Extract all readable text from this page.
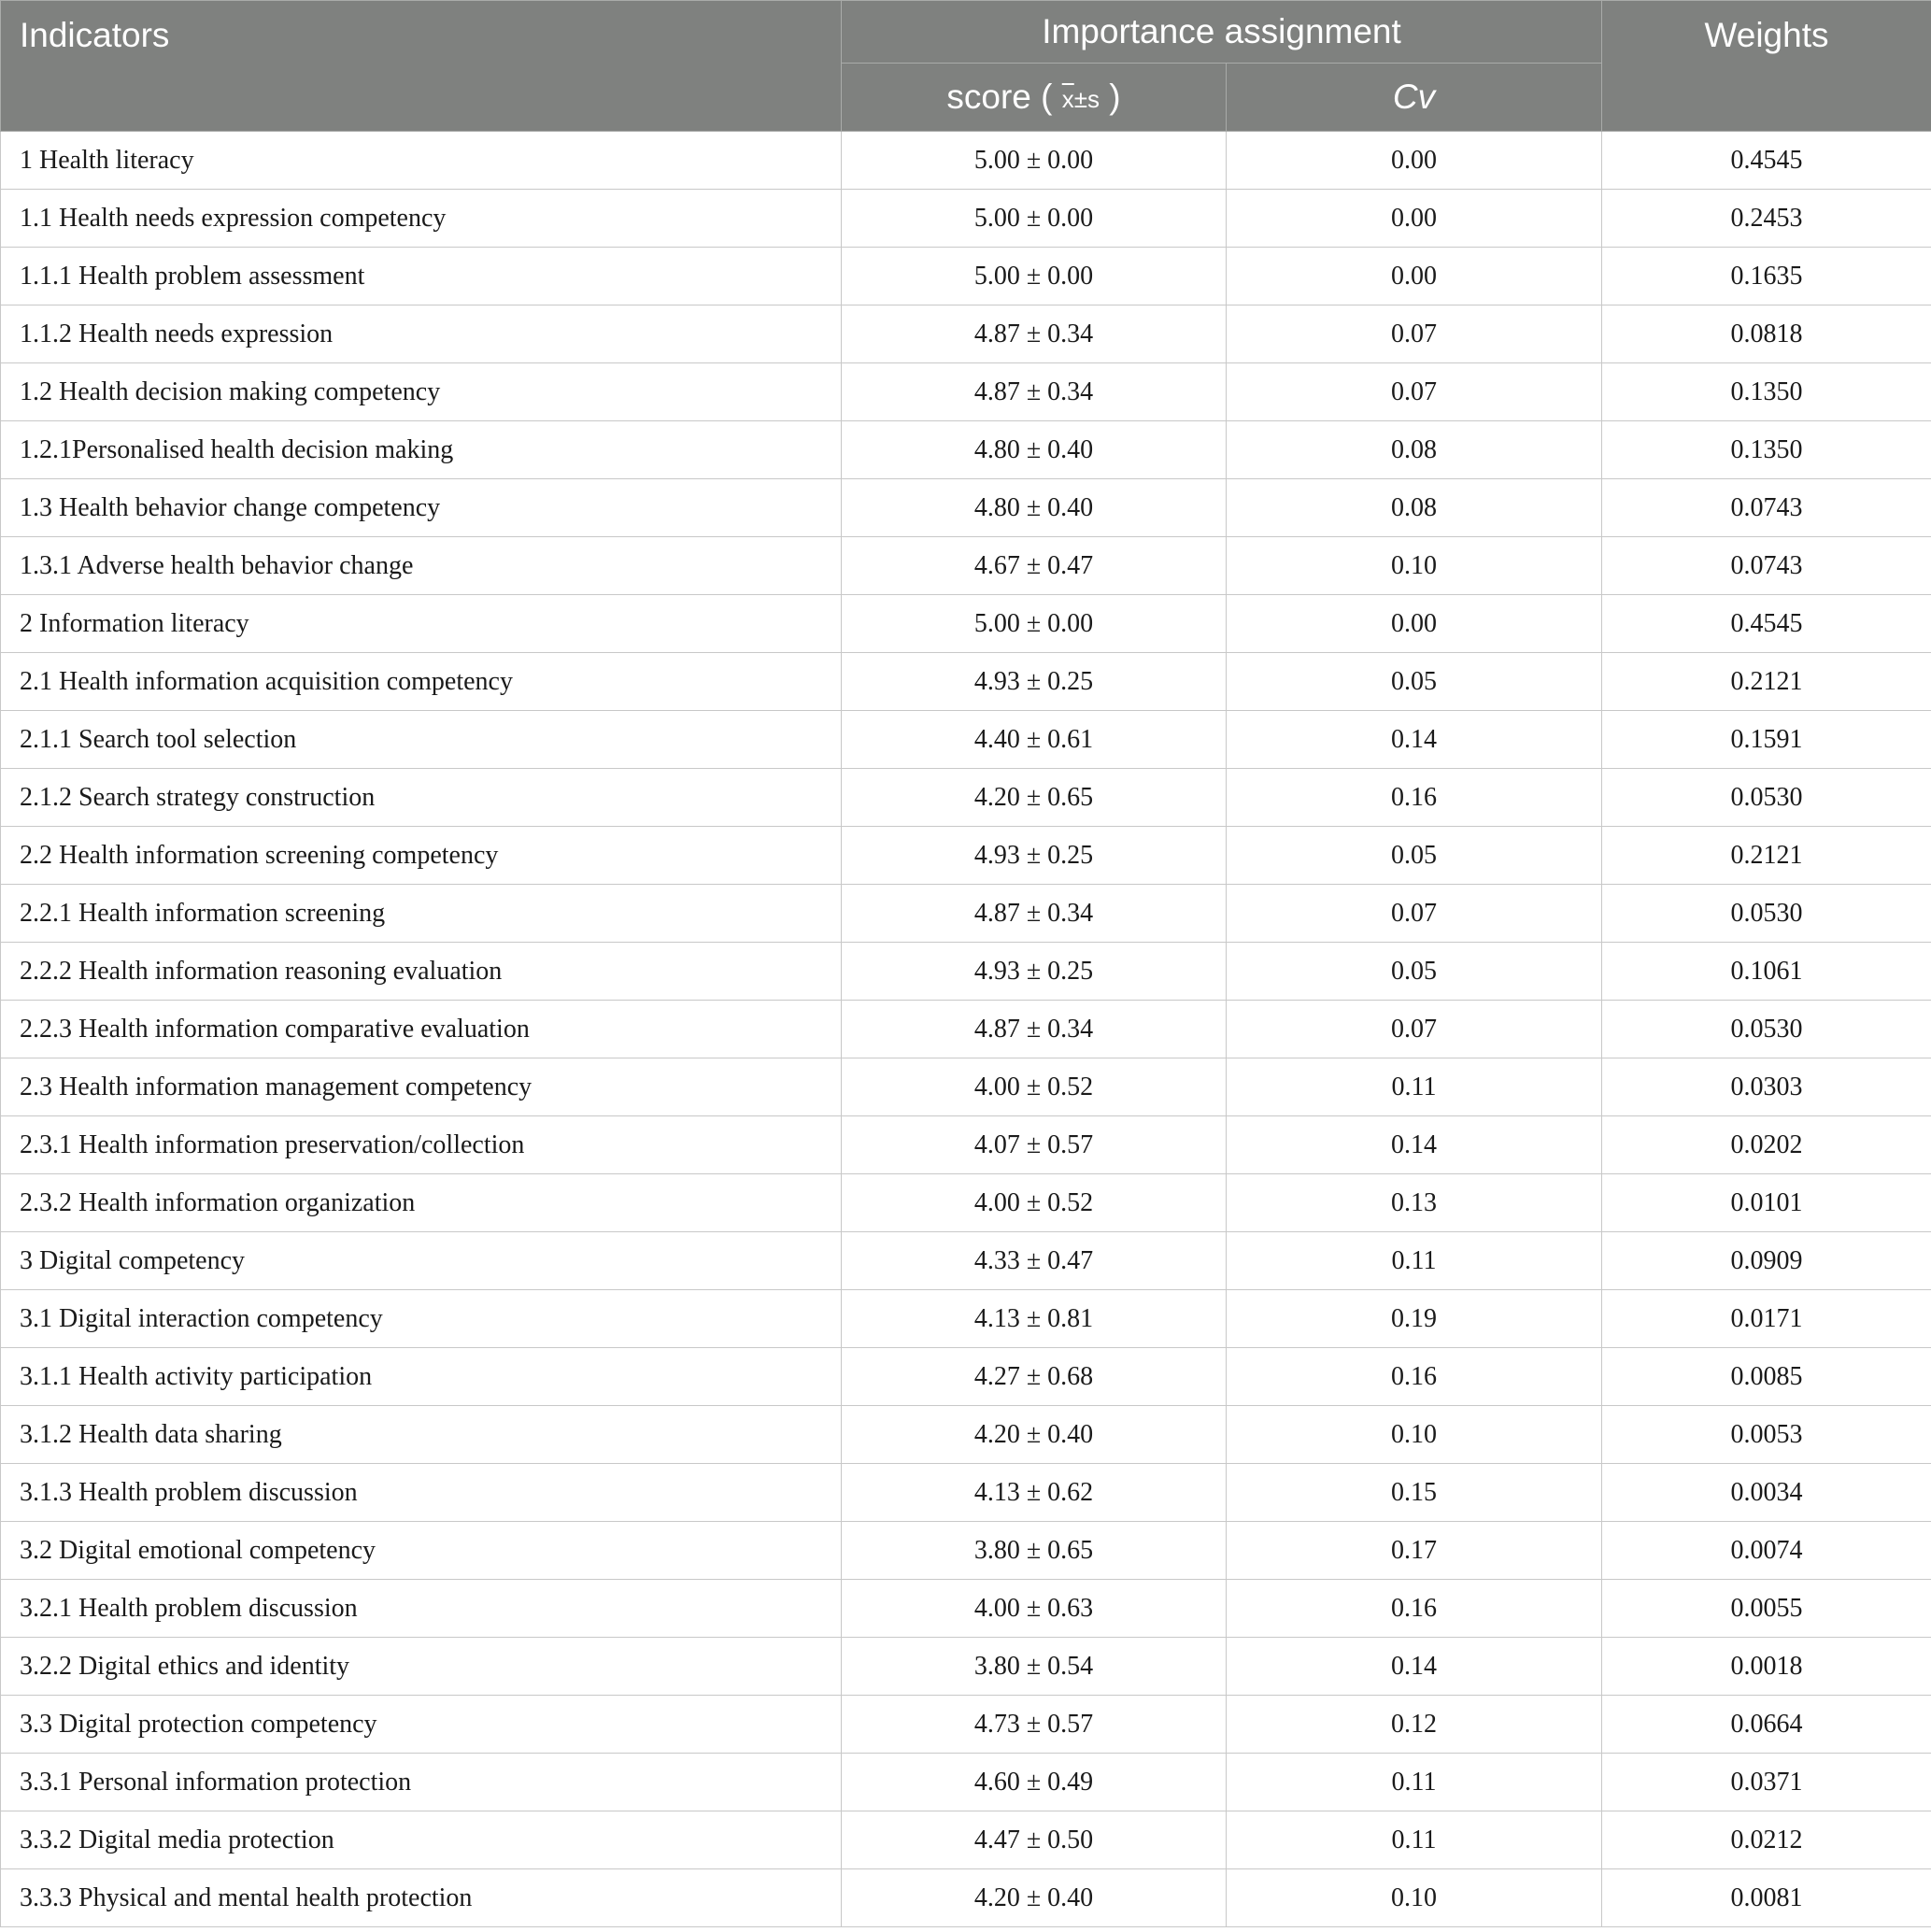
Indicators	Importance assignment		Weights
	score ( $\overline{x}\pm s$ )	Cv	
1 Health literacy	5.00 ± 0.00	0.00	0.4545
1.1 Health needs expression competency	5.00 ± 0.00	0.00	0.2453
1.1.1 Health problem assessment	5.00 ± 0.00	0.00	0.1635
1.1.2 Health needs expression	4.87 ± 0.34	0.07	0.0818
1.2 Health decision making competency	4.87 ± 0.34	0.07	0.1350
1.2.1Personalised health decision making	4.80 ± 0.40	0.08	0.1350
1.3 Health behavior change competency	4.80 ± 0.40	0.08	0.0743
1.3.1 Adverse health behavior change	4.67 ± 0.47	0.10	0.0743
2 Information literacy	5.00 ± 0.00	0.00	0.4545
2.1 Health information acquisition competency	4.93 ± 0.25	0.05	0.2121
2.1.1 Search tool selection	4.40 ± 0.61	0.14	0.1591
2.1.2 Search strategy construction	4.20 ± 0.65	0.16	0.0530
2.2 Health information screening competency	4.93 ± 0.25	0.05	0.2121
2.2.1 Health information screening	4.87 ± 0.34	0.07	0.0530
2.2.2 Health information reasoning evaluation	4.93 ± 0.25	0.05	0.1061
2.2.3 Health information comparative evaluation	4.87 ± 0.34	0.07	0.0530
2.3 Health information management competency	4.00 ± 0.52	0.11	0.0303
2.3.1 Health information preservation/collection	4.07 ± 0.57	0.14	0.0202
2.3.2 Health information organization	4.00 ± 0.52	0.13	0.0101
3 Digital competency	4.33 ± 0.47	0.11	0.0909
3.1 Digital interaction competency	4.13 ± 0.81	0.19	0.0171
3.1.1 Health activity participation	4.27 ± 0.68	0.16	0.0085
3.1.2 Health data sharing	4.20 ± 0.40	0.10	0.0053
3.1.3 Health problem discussion	4.13 ± 0.62	0.15	0.0034
3.2 Digital emotional competency	3.80 ± 0.65	0.17	0.0074
3.2.1 Health problem discussion	4.00 ± 0.63	0.16	0.0055
3.2.2 Digital ethics and identity	3.80 ± 0.54	0.14	0.0018
3.3 Digital protection competency	4.73 ± 0.57	0.12	0.0664
3.3.1 Personal information protection	4.60 ± 0.49	0.11	0.0371
3.3.2 Digital media protection	4.47 ± 0.50	0.11	0.0212
3.3.3 Physical and mental health protection	4.20 ± 0.40	0.10	0.0081
